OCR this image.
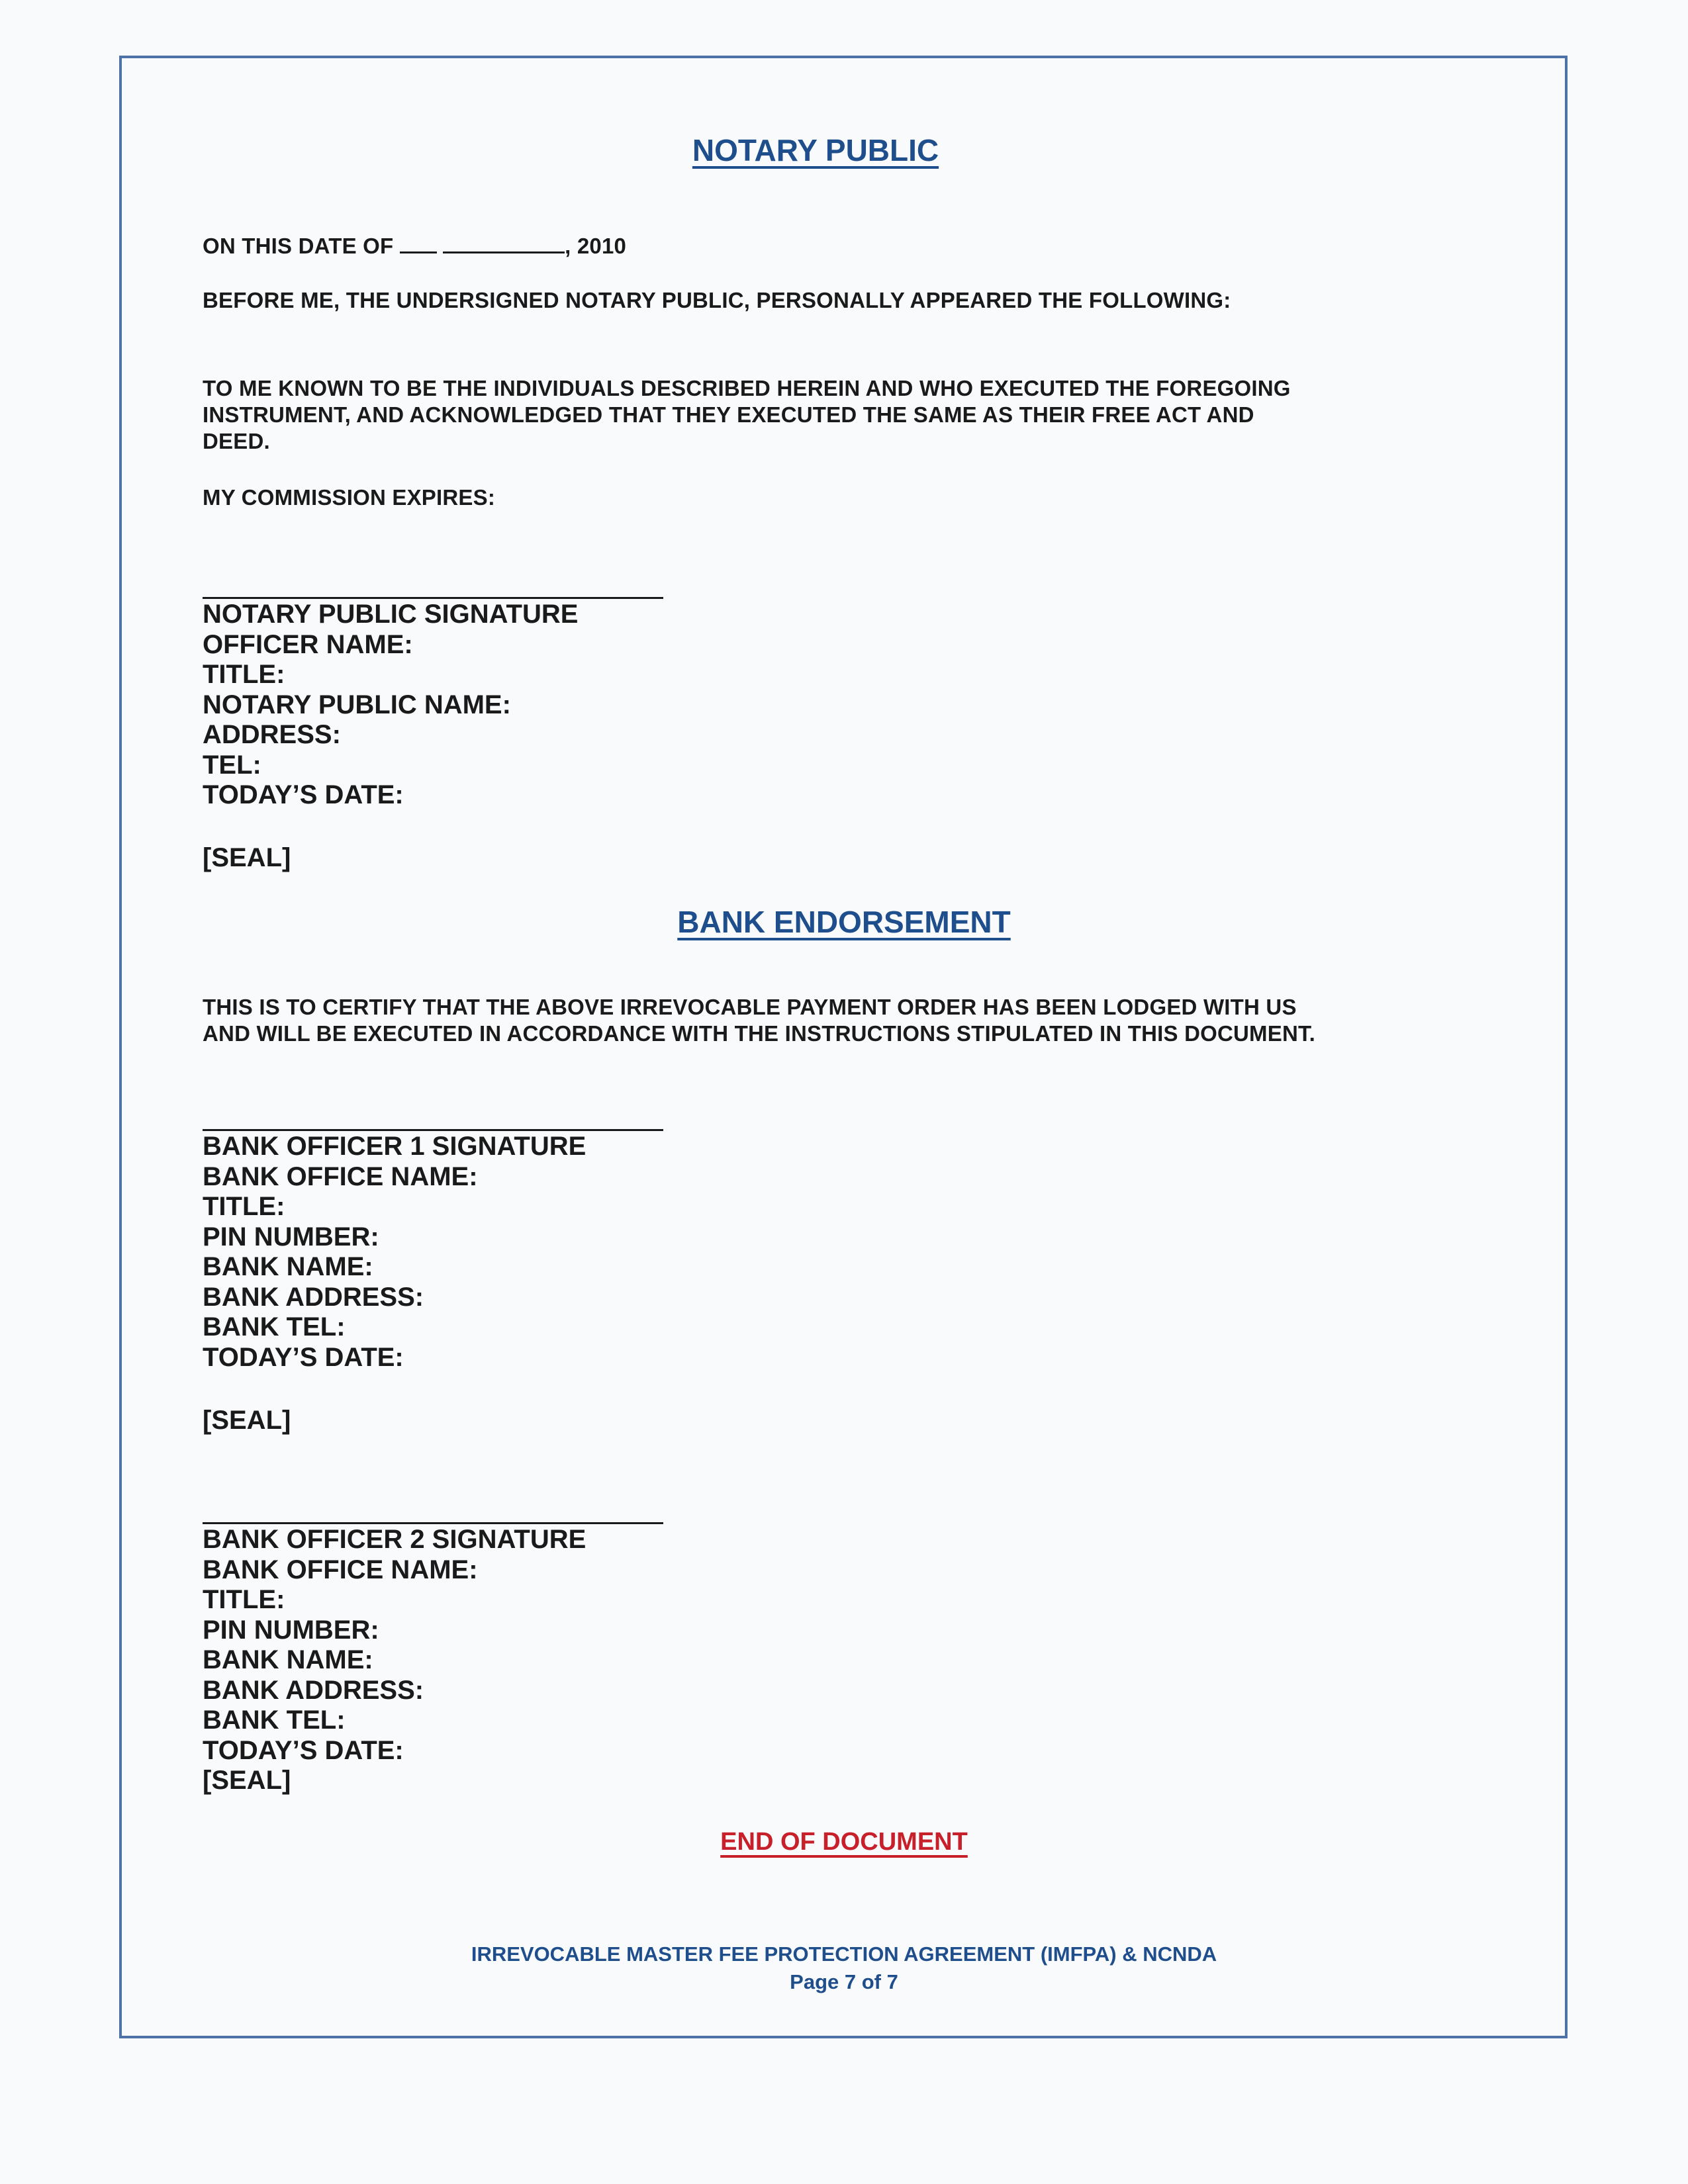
NOTARY PUBLIC
ON THIS DATE OF	, 2010
BEFORE ME, THE UNDERSIGNED NOTARY PUBLIC, PERSONALLY APPEARED THE FOLLOWING:
TO ME KNOWN TO BE THE INDIVIDUALS DESCRIBED HEREIN AND WHO EXECUTED THE FOREGOING
INSTRUMENT, AND ACKNOWLEDGED THAT THEY EXECUTED THE SAME AS THEIR FREE ACT AND
DEED.
MY COMMISSION EXPIRES:
NOTARY PUBLIC SIGNATURE
OFFICER NAME:
TITLE:
NOTARY PUBLIC NAME:
ADDRESS:
TEL:
TODAY’S DATE:
[SEAL]
BANK ENDORSEMENT
THIS IS TO CERTIFY THAT THE ABOVE IRREVOCABLE PAYMENT ORDER HAS BEEN LODGED WITH US
AND WILL BE EXECUTED IN ACCORDANCE WITH THE INSTRUCTIONS STIPULATED IN THIS DOCUMENT.
BANK OFFICER 1 SIGNATURE
BANK OFFICE NAME:
TITLE:
PIN NUMBER:
BANK NAME:
BANK ADDRESS:
BANK TEL:
TODAY’S DATE:
[SEAL]
BANK OFFICER 2 SIGNATURE
BANK OFFICE NAME:
TITLE:
PIN NUMBER:
BANK NAME:
BANK ADDRESS:
BANK TEL:
TODAY’S DATE:
[SEAL]
END OF DOCUMENT
IRREVOCABLE MASTER FEE PROTECTION AGREEMENT (IMFPA) & NCNDA
Page 7 of 7
